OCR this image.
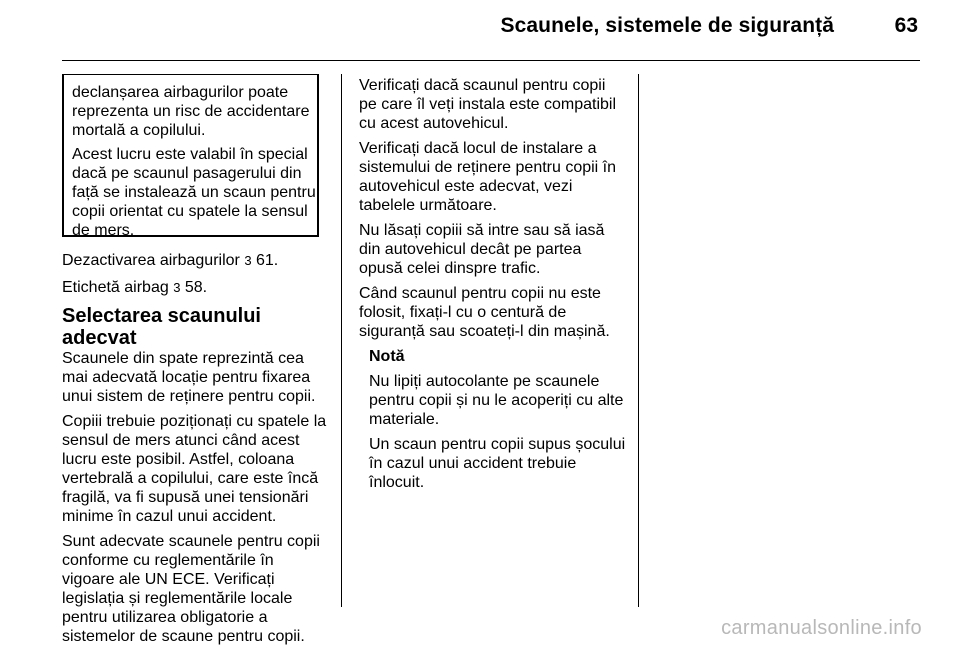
Scaunele, sistemele de siguranță	63

declanșarea airbagurilor poate reprezenta un risc de accidentare mortală a copilului.

Acest lucru este valabil în special dacă pe scaunul pasagerului din față se instalează un scaun pentru copii orientat cu spatele la sensul de mers.

Dezactivarea airbagurilor 3 61.

Etichetă airbag 3 58.

Selectarea scaunului adecvat

Scaunele din spate reprezintă cea mai adecvată locație pentru fixarea unui sistem de reținere pentru copii.

Copiii trebuie poziționați cu spatele la sensul de mers atunci când acest lucru este posibil. Astfel, coloana vertebrală a copilului, care este încă fragilă, va fi supusă unei tensionări minime în cazul unui accident.

Sunt adecvate scaunele pentru copii conforme cu reglementările în vigoare ale UN ECE. Verificați legislația și reglementările locale pentru utilizarea obligatorie a sistemelor de scaune pentru copii.

Verificați dacă scaunul pentru copii pe care îl veți instala este compatibil cu acest autovehicul.

Verificați dacă locul de instalare a sistemului de reținere pentru copii în autovehicul este adecvat, vezi tabelele următoare.

Nu lăsați copiii să intre sau să iasă din autovehicul decât pe partea opusă celei dinspre trafic.

Când scaunul pentru copii nu este folosit, fixați-l cu o centură de siguranță sau scoateți-l din mașină.

Notă

Nu lipiți autocolante pe scaunele pentru copii și nu le acoperiți cu alte materiale.

Un scaun pentru copii supus șocului în cazul unui accident trebuie înlocuit.

carmanualsonline.info
